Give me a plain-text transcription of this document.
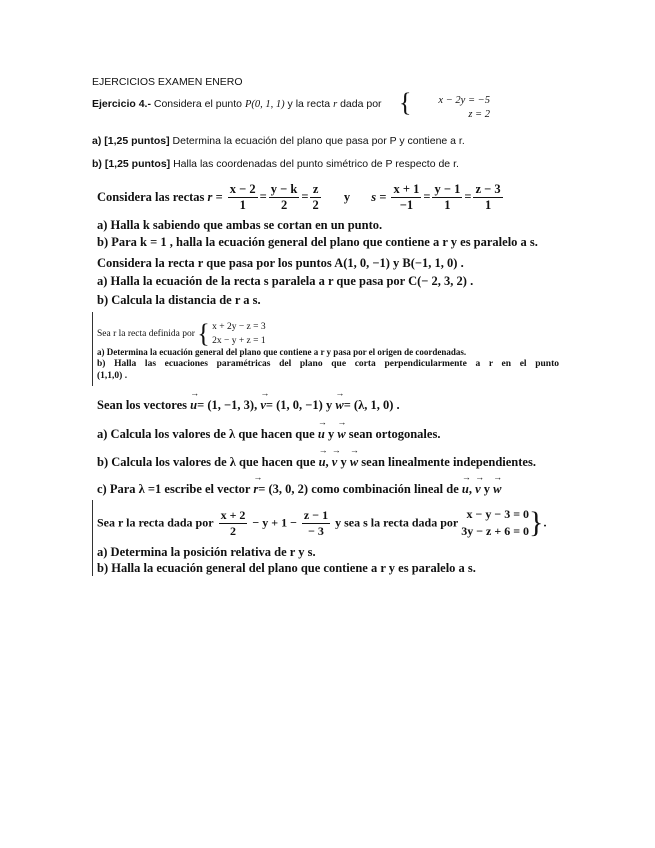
EJERCICIOS EXAMEN ENERO
Ejercicio 4.- Considera el punto P(0, 1, 1) y la recta r dada por {	x − 2y = −5
z = 2
a) [1,25 puntos] Determina la ecuación del plano que pasa por P y contiene a r.
b) [1,25 puntos] Halla las coordenadas del punto simétrico de P respecto de r.
Considera las rectas $r = \frac{x - 2}{1} = \frac{y - k}{2} = \frac{z}{2}$ y $s = \frac{x + 1}{-1} = \frac{y - 1}{1} = \frac{z - 3}{1}$
a) Halla k sabiendo que ambas se cortan en un punto.
b) Para k = 1 , halla la ecuación general del plano que contiene a r y es paralelo a s.
Considera la recta r que pasa por los puntos A(1, 0, −1) y B(−1, 1, 0) .
a) Halla la ecuación de la recta s paralela a r que pasa por C(− 2, 3, 2) .
b) Calcula la distancia de r a s.
Sea r la recta definida por { x + 2y − z = 3
2x − y + z = 1
a) Determina la ecuación general del plano que contiene a r y pasa por el origen de coordenadas.
b) Halla las ecuaciones paramétricas del plano que corta perpendicularmente a r en el punto
(1,1,0) .
Sean los vectores → u= (1, −1, 3), → v= (1, 0, −1) y → w= (λ, 1, 0) .
a) Calcula los valores de λ que hacen que → u y → w sean ortogonales.
b) Calcula los valores de λ que hacen que → u, → v y → w sean linealmente independientes.
c) Para λ =1 escribe el vector → r= (3, 0, 2) como combinación lineal de → u, → v y → w
Sea r la recta dada por $\frac{x + 2}{2} - y + 1 - \frac{z - 1}{- 3}$ y sea s la recta dada por
x − y − 3 = 0
3y − z + 6 = 0 }.
a) Determina la posición relativa de r y s.
b) Halla la ecuación general del plano que contiene a r y es paralelo a s.
